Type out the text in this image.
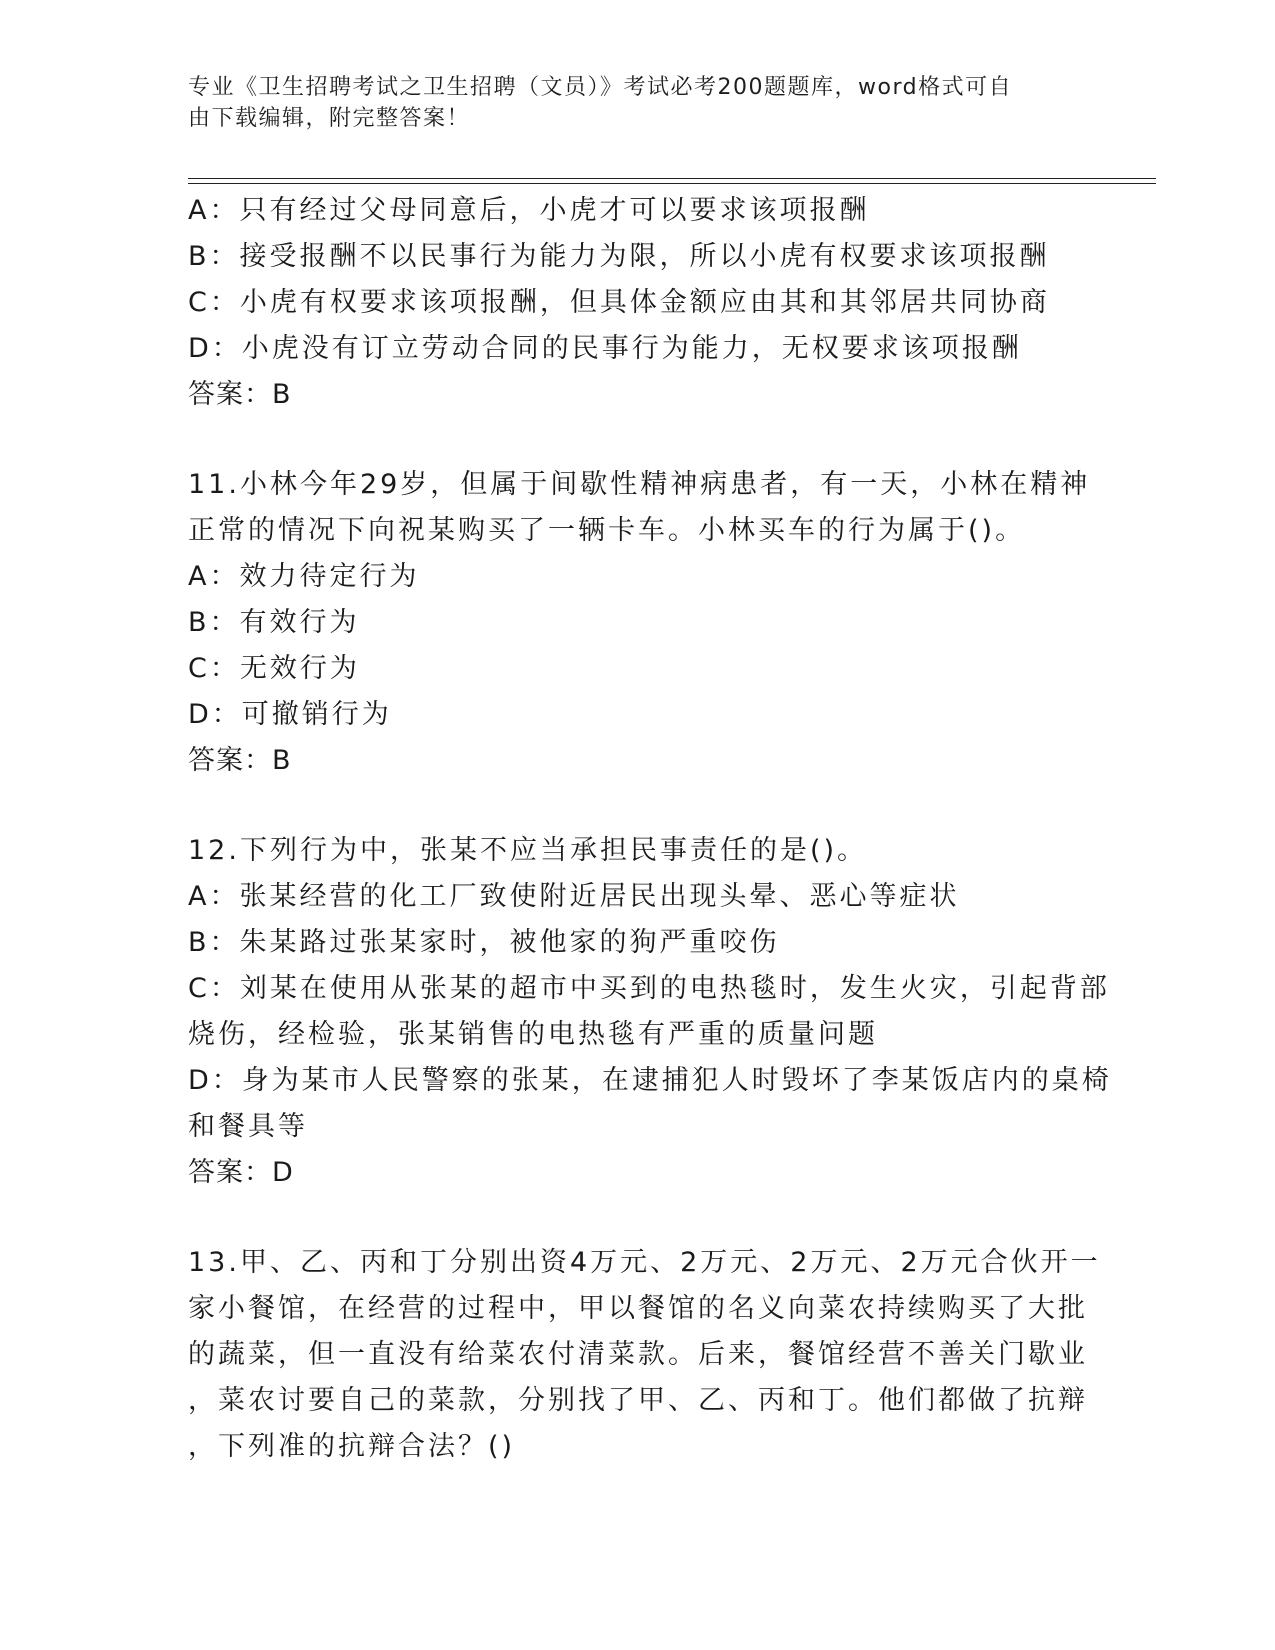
专业《卫生招聘考试之卫生招聘（文员）》考试必考200题题库，word格式可自
由下载编辑，附完整答案！
A：只有经过父母同意后，小虎才可以要求该项报酬
B：接受报酬不以民事行为能力为限，所以小虎有权要求该项报酬
C：小虎有权要求该项报酬，但具体金额应由其和其邻居共同协商
D：小虎没有订立劳动合同的民事行为能力，无权要求该项报酬
答案：B
11.小林今年29岁，但属于间歇性精神病患者，有一天，小林在精神
正常的情况下向祝某购买了一辆卡车。小林买车的行为属于()。
A：效力待定行为
B：有效行为
C：无效行为
D：可撤销行为
答案：B
12.下列行为中，张某不应当承担民事责任的是()。
A：张某经营的化工厂致使附近居民出现头晕、恶心等症状
B：朱某路过张某家时，被他家的狗严重咬伤
C：刘某在使用从张某的超市中买到的电热毯时，发生火灾，引起背部
烧伤，经检验，张某销售的电热毯有严重的质量问题
D：身为某市人民警察的张某，在逮捕犯人时毁坏了李某饭店内的桌椅
和餐具等
答案：D
13.甲、乙、丙和丁分别出资4万元、2万元、2万元、2万元合伙开一
家小餐馆，在经营的过程中，甲以餐馆的名义向菜农持续购买了大批
的蔬菜，但一直没有给菜农付清菜款。后来，餐馆经营不善关门歇业
，菜农讨要自己的菜款，分别找了甲、乙、丙和丁。他们都做了抗辩
，下列准的抗辩合法？()
